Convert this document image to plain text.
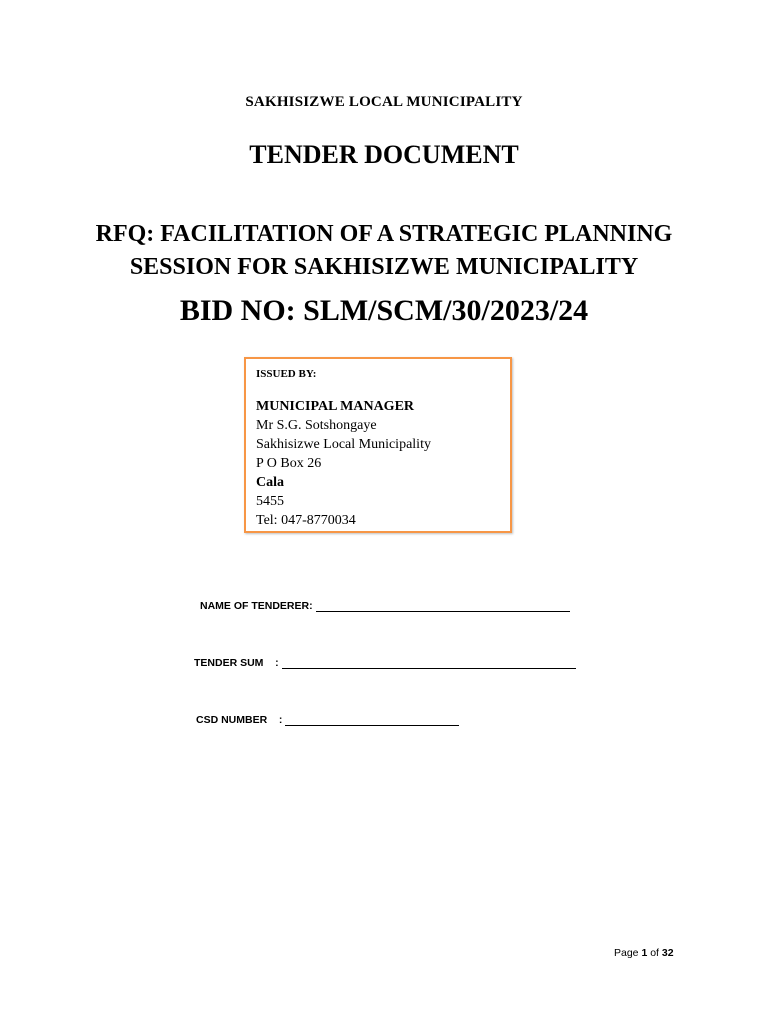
SAKHISIZWE LOCAL MUNICIPALITY
TENDER DOCUMENT
RFQ: FACILITATION OF A STRATEGIC PLANNING
SESSION FOR SAKHISIZWE MUNICIPALITY
BID NO: SLM/SCM/30/2023/24
ISSUED BY:
MUNICIPAL MANAGER
Mr S.G. Sotshongaye
Sakhisizwe Local Municipality
P O Box 26
Cala
5455
Tel: 047-8770034
NAME OF TENDERER:
TENDER SUM    :
CSD NUMBER    :
Page 1 of 32
